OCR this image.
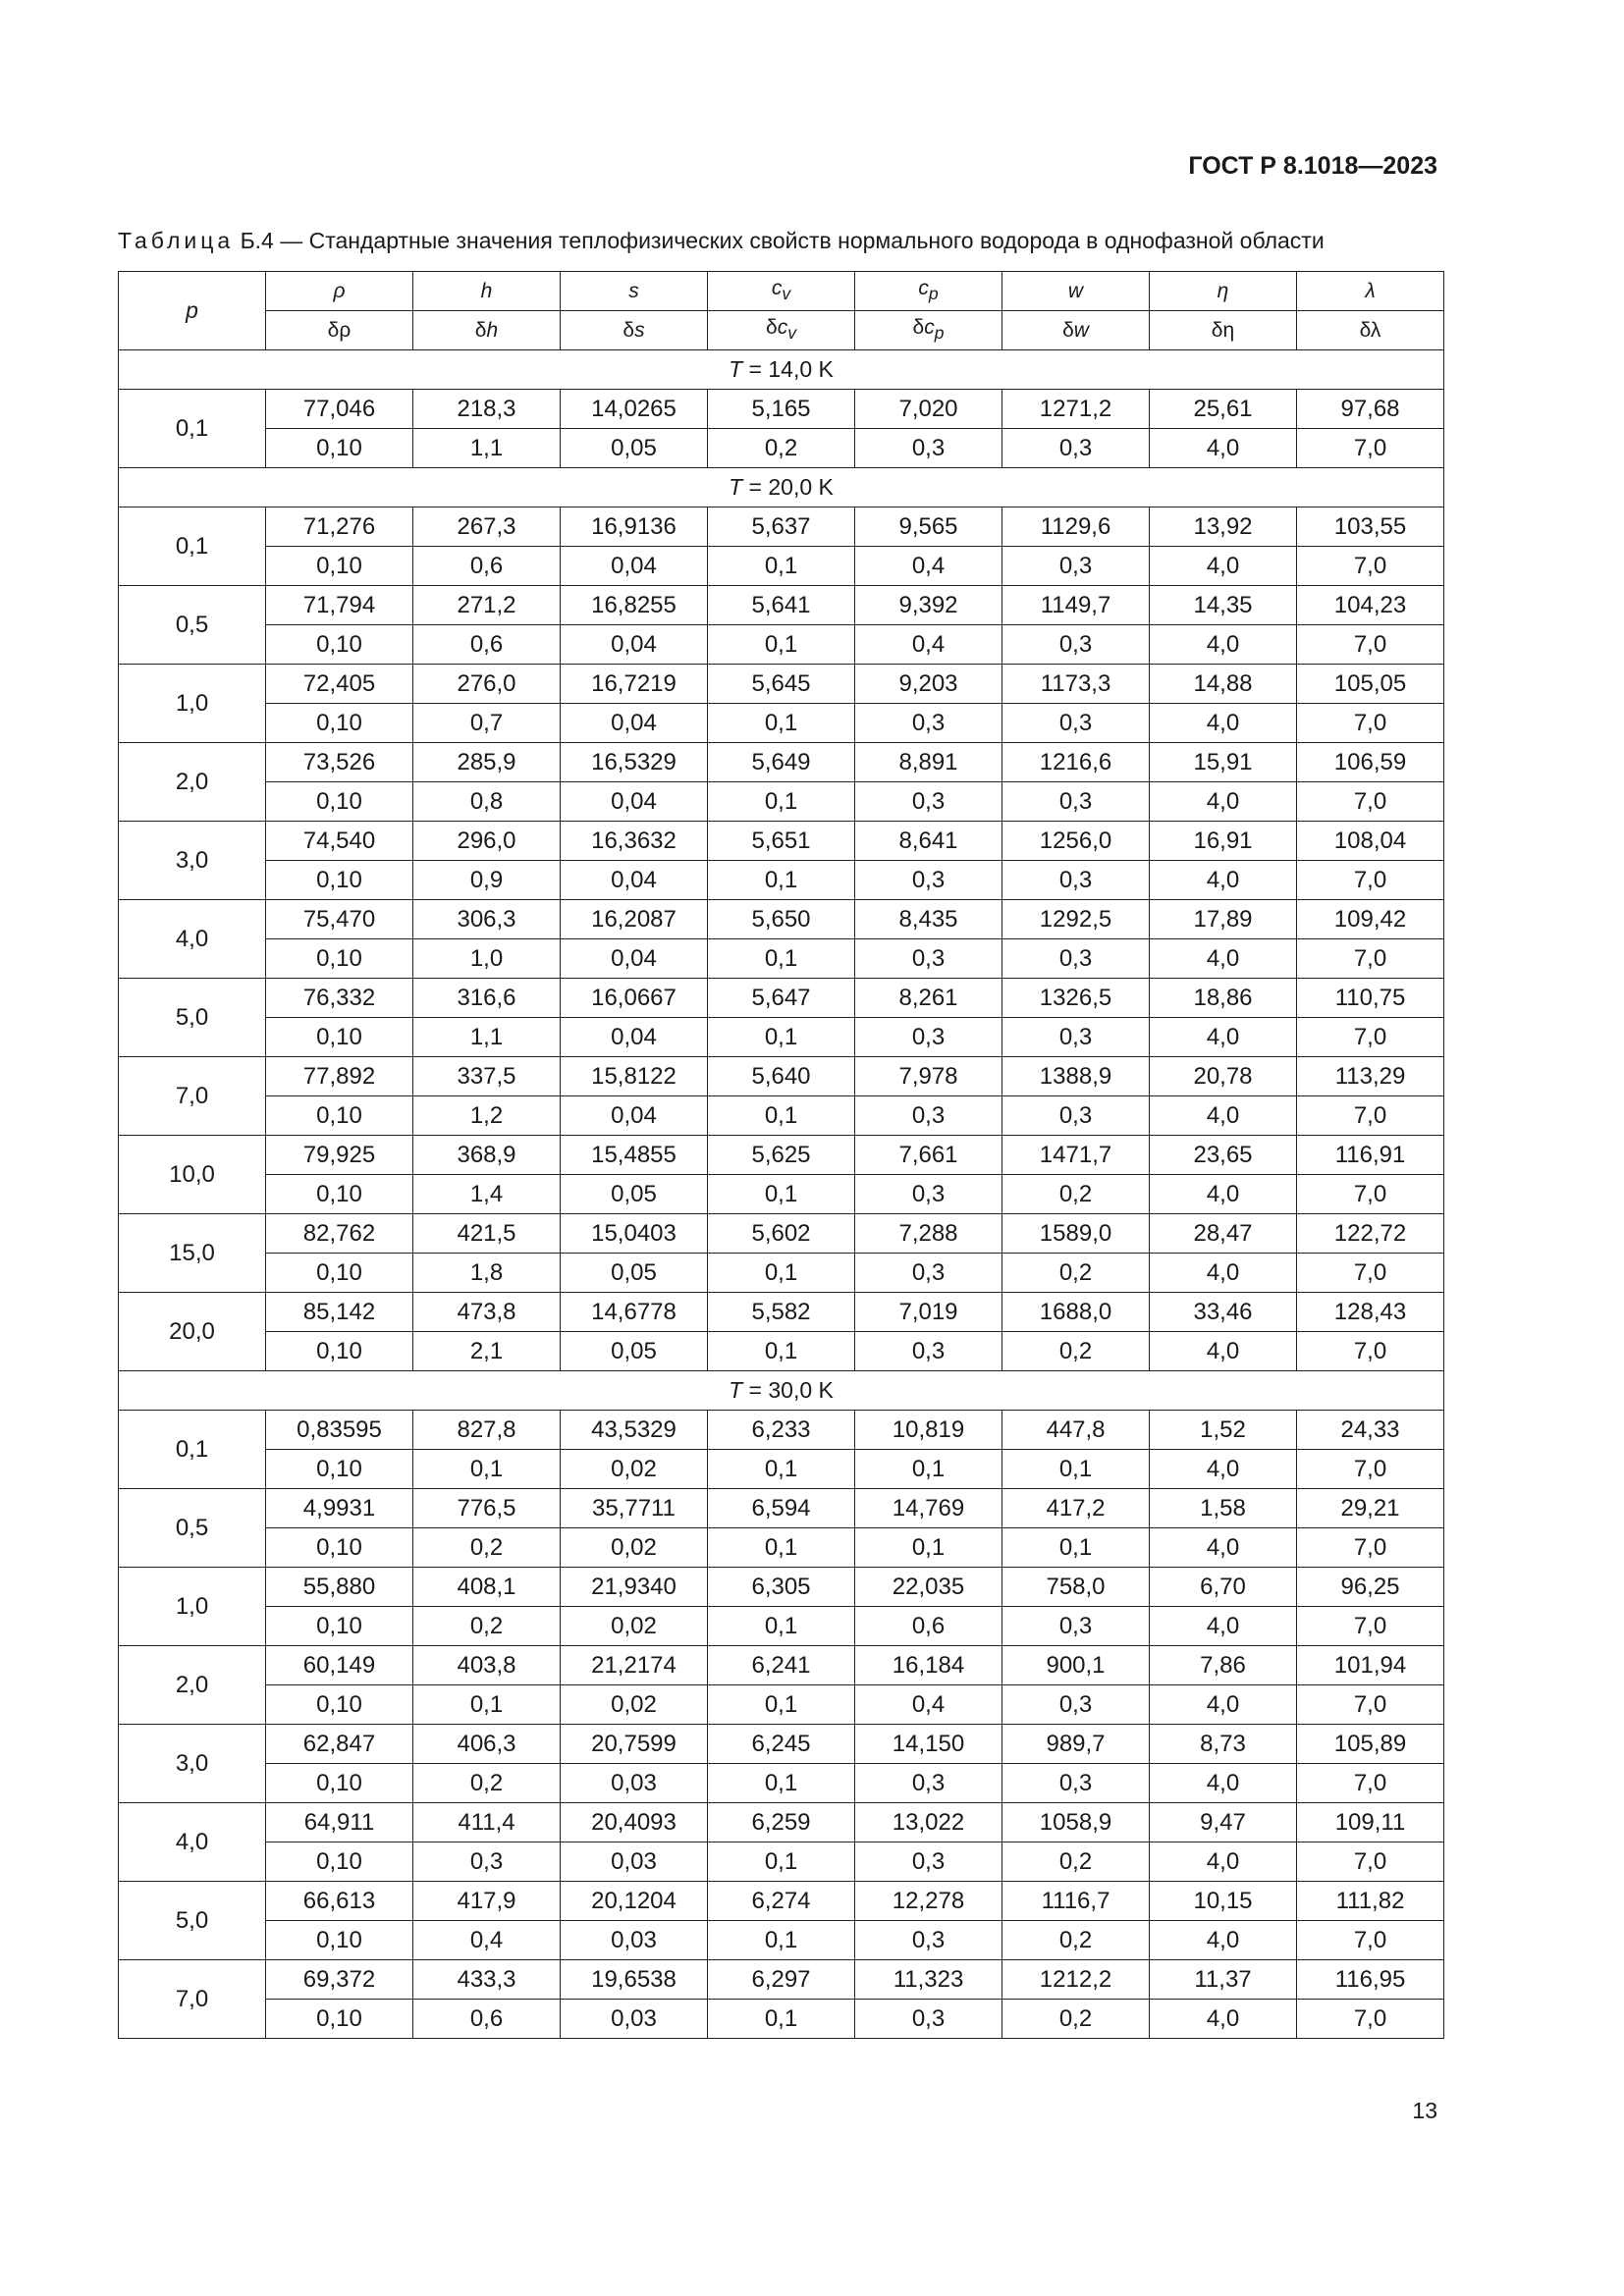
ГОСТ Р 8.1018—2023
Таблица Б.4 — Стандартные значения теплофизических свойств нормального водорода в однофазной области
p	ρ	h	s	$c_v$	$c_p$	w	η	λ
	δρ	δh	δs	$\delta c_v$	$\delta c_p$	δw	δη	δλ
T = 14,0 K								
0,1	77,046	218,3	14,0265	5,165	7,020	1271,2	25,61	97,68
	0,10	1,1	0,05	0,2	0,3	0,3	4,0	7,0
T = 20,0 K								
0,1	71,276	267,3	16,9136	5,637	9,565	1129,6	13,92	103,55
	0,10	0,6	0,04	0,1	0,4	0,3	4,0	7,0
0,5	71,794	271,2	16,8255	5,641	9,392	1149,7	14,35	104,23
	0,10	0,6	0,04	0,1	0,4	0,3	4,0	7,0
1,0	72,405	276,0	16,7219	5,645	9,203	1173,3	14,88	105,05
	0,10	0,7	0,04	0,1	0,3	0,3	4,0	7,0
2,0	73,526	285,9	16,5329	5,649	8,891	1216,6	15,91	106,59
	0,10	0,8	0,04	0,1	0,3	0,3	4,0	7,0
3,0	74,540	296,0	16,3632	5,651	8,641	1256,0	16,91	108,04
	0,10	0,9	0,04	0,1	0,3	0,3	4,0	7,0
4,0	75,470	306,3	16,2087	5,650	8,435	1292,5	17,89	109,42
	0,10	1,0	0,04	0,1	0,3	0,3	4,0	7,0
5,0	76,332	316,6	16,0667	5,647	8,261	1326,5	18,86	110,75
	0,10	1,1	0,04	0,1	0,3	0,3	4,0	7,0
7,0	77,892	337,5	15,8122	5,640	7,978	1388,9	20,78	113,29
	0,10	1,2	0,04	0,1	0,3	0,3	4,0	7,0
10,0	79,925	368,9	15,4855	5,625	7,661	1471,7	23,65	116,91
	0,10	1,4	0,05	0,1	0,3	0,2	4,0	7,0
15,0	82,762	421,5	15,0403	5,602	7,288	1589,0	28,47	122,72
	0,10	1,8	0,05	0,1	0,3	0,2	4,0	7,0
20,0	85,142	473,8	14,6778	5,582	7,019	1688,0	33,46	128,43
	0,10	2,1	0,05	0,1	0,3	0,2	4,0	7,0
T = 30,0 K								
0,1	0,83595	827,8	43,5329	6,233	10,819	447,8	1,52	24,33
	0,10	0,1	0,02	0,1	0,1	0,1	4,0	7,0
0,5	4,9931	776,5	35,7711	6,594	14,769	417,2	1,58	29,21
	0,10	0,2	0,02	0,1	0,1	0,1	4,0	7,0
1,0	55,880	408,1	21,9340	6,305	22,035	758,0	6,70	96,25
	0,10	0,2	0,02	0,1	0,6	0,3	4,0	7,0
2,0	60,149	403,8	21,2174	6,241	16,184	900,1	7,86	101,94
	0,10	0,1	0,02	0,1	0,4	0,3	4,0	7,0
3,0	62,847	406,3	20,7599	6,245	14,150	989,7	8,73	105,89
	0,10	0,2	0,03	0,1	0,3	0,3	4,0	7,0
4,0	64,911	411,4	20,4093	6,259	13,022	1058,9	9,47	109,11
	0,10	0,3	0,03	0,1	0,3	0,2	4,0	7,0
5,0	66,613	417,9	20,1204	6,274	12,278	1116,7	10,15	111,82
	0,10	0,4	0,03	0,1	0,3	0,2	4,0	7,0
7,0	69,372	433,3	19,6538	6,297	11,323	1212,2	11,37	116,95
	0,10	0,6	0,03	0,1	0,3	0,2	4,0	7,0
13
